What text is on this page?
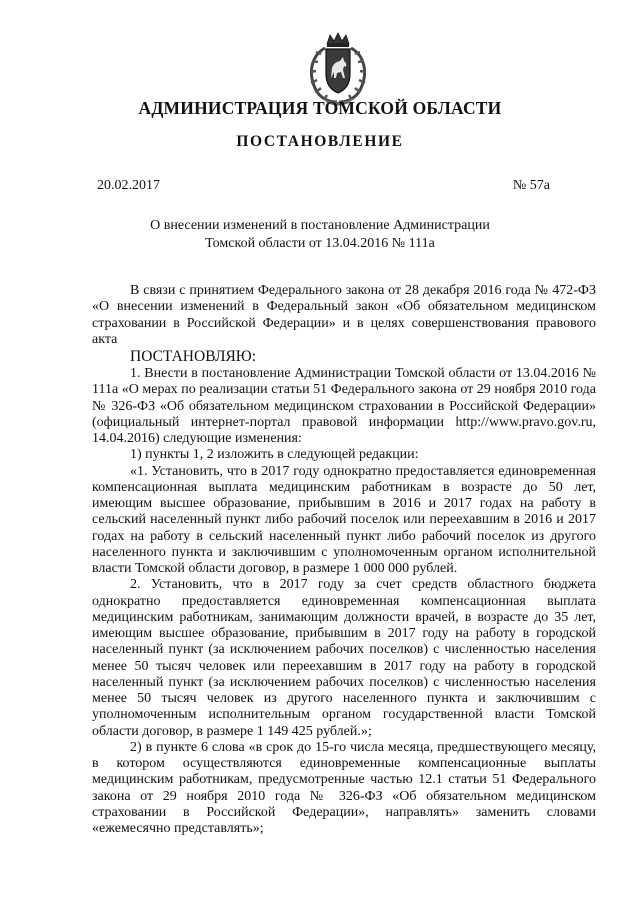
АДМИНИСТРАЦИЯ ТОМСКОЙ ОБЛАСТИ
ПОСТАНОВЛЕНИЕ
20.02.2017	№ 57а
О внесении изменений в постановление Администрации
Томской области от 13.04.2016 № 111а

В связи с принятием Федерального закона от 28 декабря 2016 года № 472-ФЗ «О внесении изменений в Федеральный закон «Об обязательном медицинском страховании в Российской Федерации» и в целях совершенствования правового акта

ПОСТАНОВЛЯЮ:

1. Внести в постановление Администрации Томской области от 13.04.2016 № 111а «О мерах по реализации статьи 51 Федерального закона от 29 ноября 2010 года № 326-ФЗ «Об обязательном медицинском страховании в Российской Федерации» (официальный интернет-портал правовой информации http://www.pravo.gov.ru, 14.04.2016) следующие изменения:

1) пункты 1, 2 изложить в следующей редакции:

«1. Установить, что в 2017 году однократно предоставляется единовременная компенсационная выплата медицинским работникам в возрасте до 50 лет, имеющим высшее образование, прибывшим в 2016 и 2017 годах на работу в сельский населенный пункт либо рабочий поселок или переехавшим в 2016 и 2017 годах на работу в сельский населенный пункт либо рабочий поселок из другого населенного пункта и заключившим с уполномоченным органом исполнительной власти Томской области договор, в размере 1 000 000 рублей.

2. Установить, что в 2017 году за счет средств областного бюджета однократно предоставляется единовременная компенсационная выплата медицинским работникам, занимающим должности врачей, в возрасте до 35 лет, имеющим высшее образование, прибывшим в 2017 году на работу в городской населенный пункт (за исключением рабочих поселков) с численностью населения менее 50 тысяч человек или переехавшим в 2017 году на работу в городской населенный пункт (за исключением рабочих поселков) с численностью населения менее 50 тысяч человек из другого населенного пункта и заключившим с уполномоченным исполнительным органом государственной власти Томской области договор, в размере 1 149 425 рублей.»;

2) в пункте 6 слова «в срок до 15-го числа месяца, предшествующего месяцу, в котором осуществляются единовременные компенсационные выплаты медицинским работникам, предусмотренные частью 12.1 статьи 51 Федерального закона от 29 ноября 2010 года № 326-ФЗ «Об обязательном медицинском страховании в Российской Федерации», направлять» заменить словами «ежемесячно представлять»;
